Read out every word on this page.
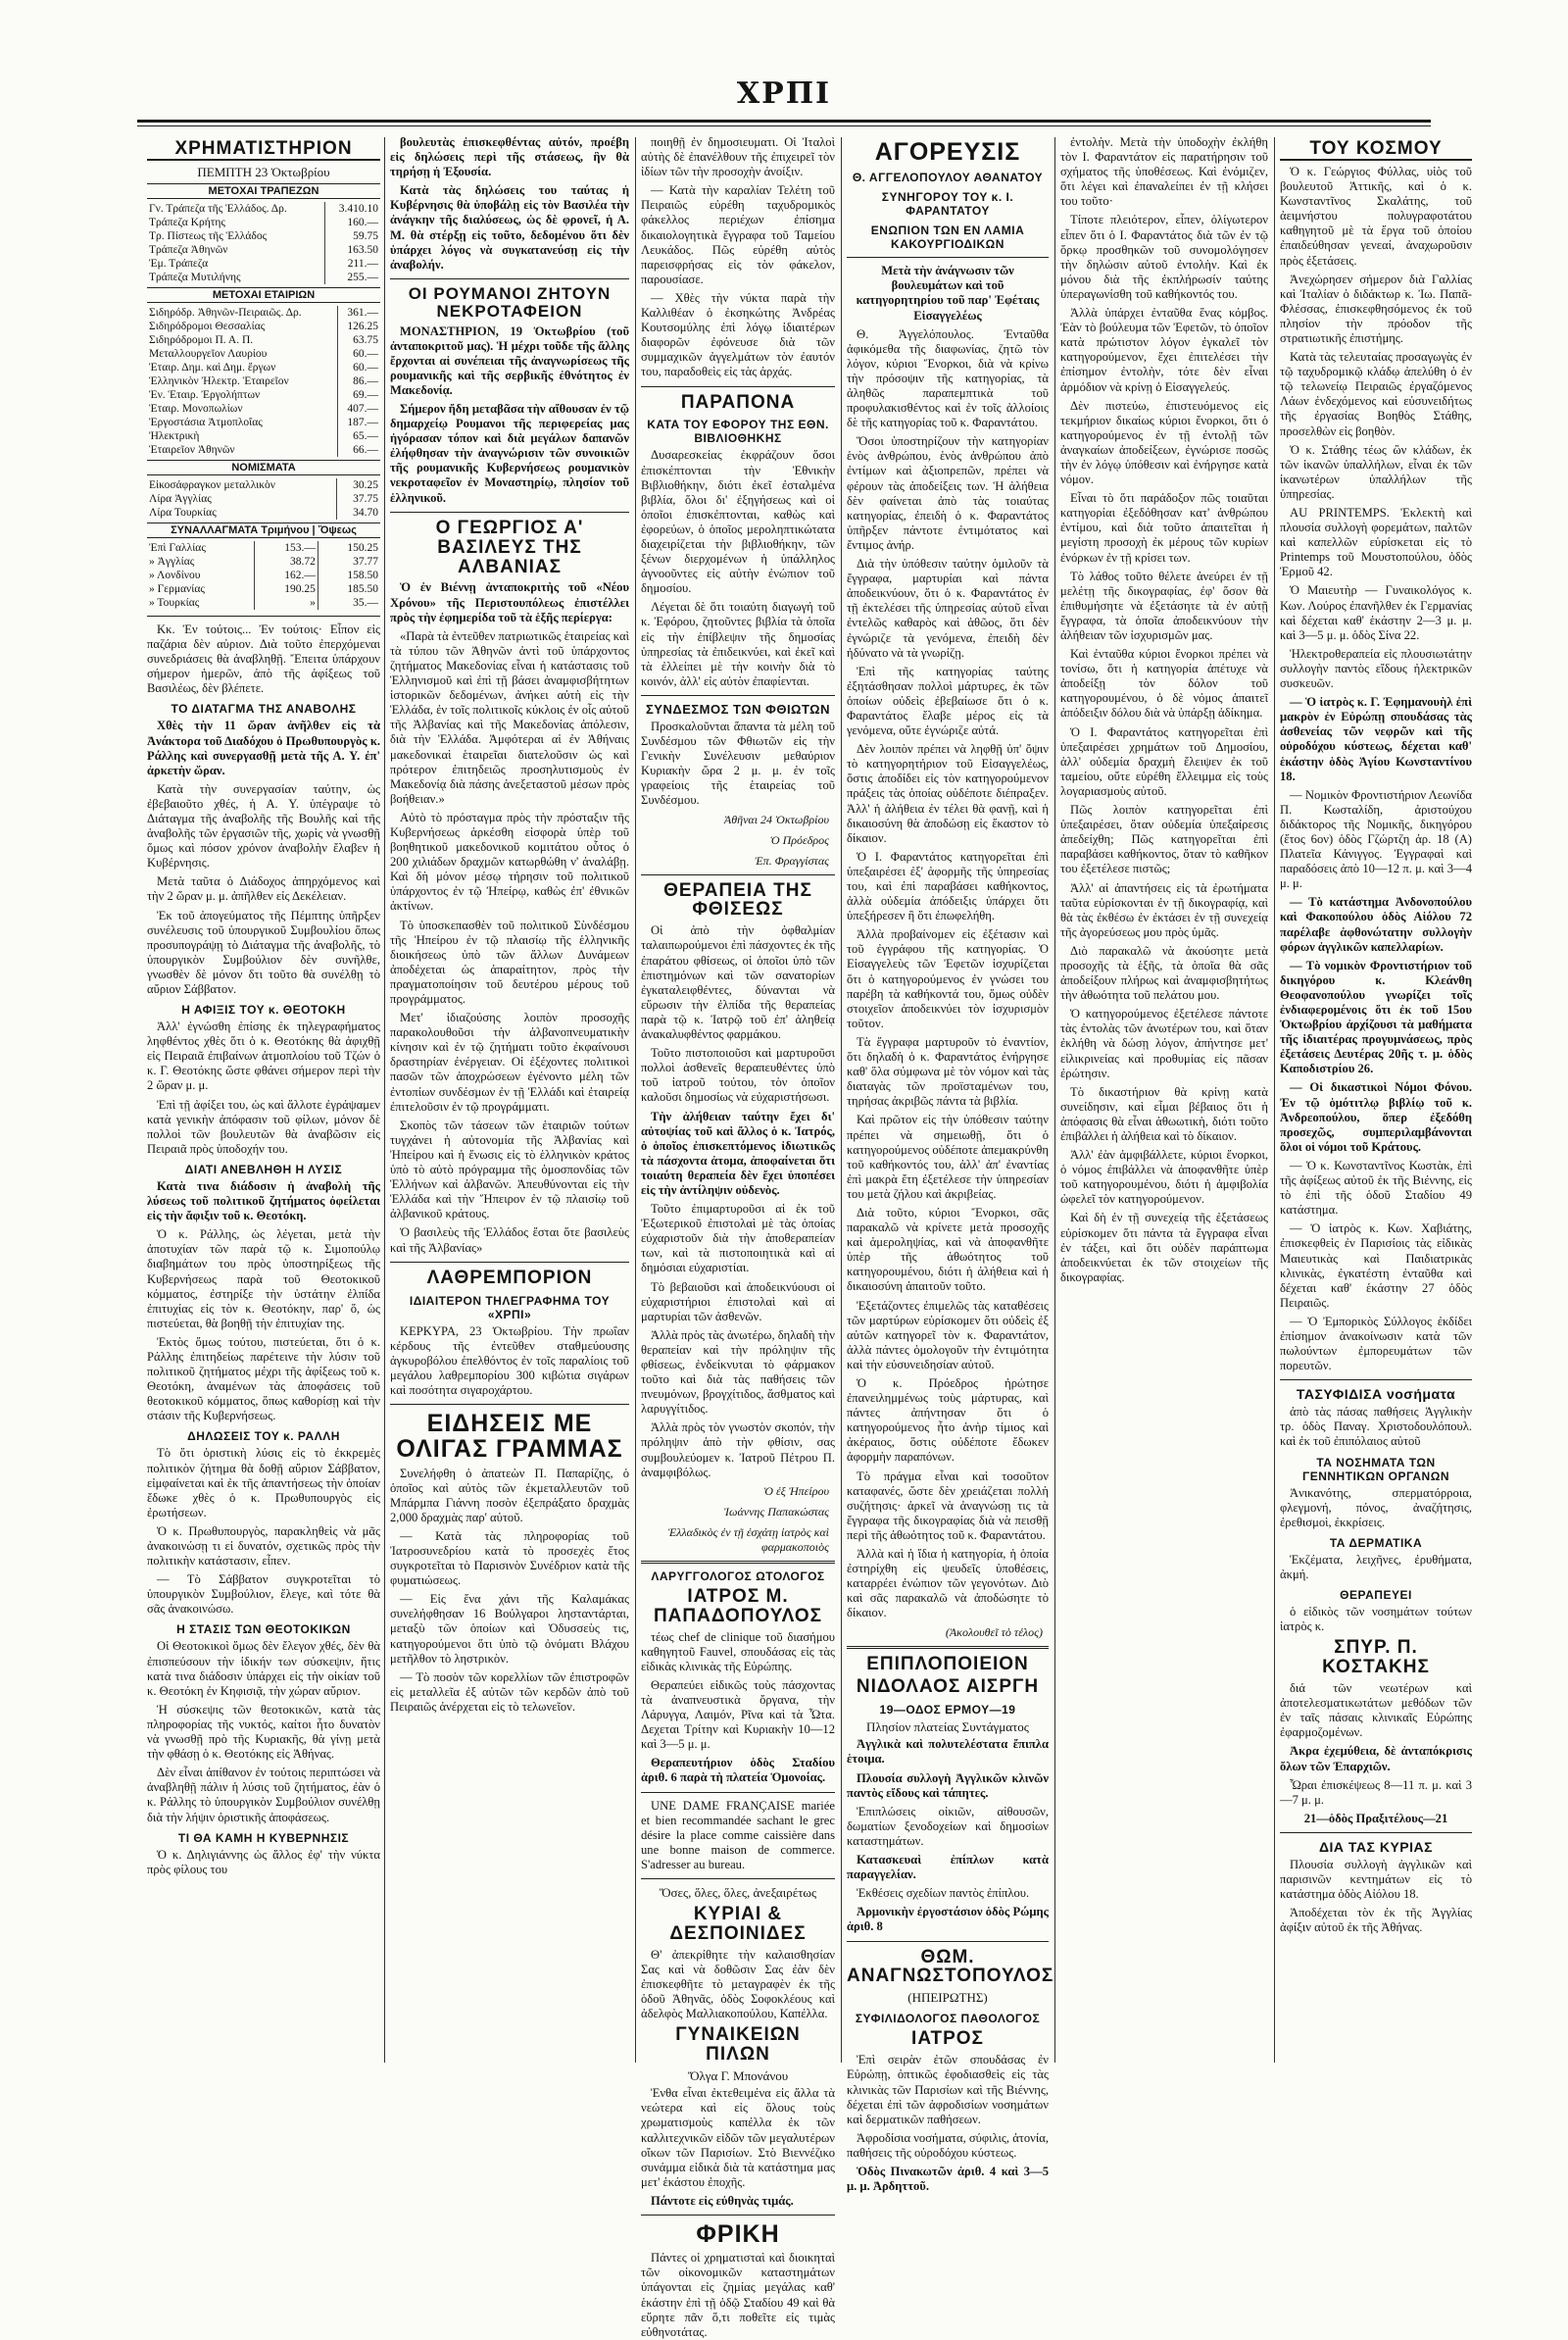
ΧΡΠΙ
ΧΡΗΜΑΤΙΣΤΗΡΙΟΝ
ΠΕΜΠΤΗ 23 Ὀκτωβρίου
ΜΕΤΟΧΑΙ ΤΡΑΠΕΖΩΝ
Γν. Τράπεζα τῆς Ἑλλάδος. Δρ.	3.410.10
Τράπεζα Κρήτης	160.—
Τρ. Πίστεως τῆς Ἑλλάδος	59.75
Τράπεζα Ἀθηνῶν	163.50
Ἐμ. Τράπεζα	211.—
Τράπεζα Μυτιλήνης	255.—
ΜΕΤΟΧΑΙ ΕΤΑΙΡΙΩΝ
Σιδηρόδρ. Ἀθηνῶν-Πειραιῶς. Δρ.	361.—
Σιδηρόδρομοι Θεσσαλίας	126.25
Σιδηρόδρομοι Π. Α. Π.	63.75
Μεταλλουργεῖον Λαυρίου	60.—
Ἑταιρ. Δημ. καὶ Δημ. ἔργων	60.—
Ἑλληνικὸν Ἠλεκτρ. Ἑταιρεῖον	86.—
Ἐν. Ἑταιρ. Ἐργολήπτων	69.—
Ἑταιρ. Μονοπωλίων	407.—
Ἐργοστάσια Ἀτμοπλοΐας	187.—
Ἠλεκτρικὴ	65.—
Ἑταιρεῖον Ἀθηνῶν	66.—
ΝΟΜΙΣΜΑΤΑ
Εἰκοσάφραγκον μεταλλικὸν	30.25
Λίρα Ἀγγλίας	37.75
Λίρα Τουρκίας	34.70
ΣΥΝΑΛΛΑΓΜΑΤΑ Τριμήνου | Ὄψεως
Ἐπὶ Γαλλίας	153.—	150.25
» Ἀγγλίας	38.72	37.77
» Λονδίνου	162.—	158.50
» Γερμανίας	190.25	185.50
» Τουρκίας	»	35.—

Κκ. Ἐν τούτοις... Ἐν τούτοις· Εἶπον εἰς παζάρια δὲν αὐριον. Διὰ τοῦτο ἐπερχόμεναι συνεδριάσεις θὰ ἀναβληθῇ. Ἔπειτα ὑπάρχουν σήμερον ἡμερῶν, ἀπὸ τῆς ἀφίξεως τοῦ Βασιλέως, δὲν βλέπετε.

ΤΟ ΔΙΑΤΑΓΜΑ ΤΗΣ ΑΝΑΒΟΛΗΣ

Χθὲς τὴν 11 ὥραν ἀνῆλθεν εἰς τὰ Ἀνάκτορα τοῦ Διαδόχου ὁ Πρωθυπουργὸς κ. Ράλλης καὶ συνεργασθῇ μετὰ τῆς Α. Υ. ἐπ' ἀρκετὴν ὥραν.

Κατὰ τὴν συνεργασίαν ταύτην, ὡς ἐβεβαιοῦτο χθές, ἡ Α. Υ. ὑπέγραψε τὸ Διάταγμα τῆς ἀναβολῆς τῆς Βουλῆς καὶ τῆς ἀναβολῆς τῶν ἐργασιῶν τῆς, χωρὶς νὰ γνωσθῇ ὅμως καὶ πόσον χρόνον ἀναβολὴν ἔλαβεν ἡ Κυβέρνησις.

Μετὰ ταῦτα ὁ Διάδοχος ἀπηρχόμενος καὶ τὴν 2 ὥραν μ. μ. ἀπῆλθεν εἰς Δεκέλειαν.

Ἐκ τοῦ ἀπογεύματος τῆς Πέμπτης ὑπῆρξεν συνέλευσις τοῦ ὑπουργικοῦ Συμβουλίου ὅπως προσυπογράψῃ τὸ Διάταγμα τῆς ἀναβολῆς, τὸ ὑπουργικὸν Συμβούλιον δὲν συνῆλθε, γνωσθὲν δὲ μόνον δτι τοῦτο θὰ συνέλθῃ τὸ αὔριον Σάββατον.

Η ΑΦΙΞΙΣ ΤΟΥ κ. ΘΕΟΤΟΚΗ

Ἀλλ' ἐγνώσθη ἐπίσης ἐκ τηλεγραφήματος ληφθέντος χθὲς ὅτι ὁ κ. Θεοτόκης θὰ ἀφιχθῇ εἰς Πειραιᾶ ἐπιβαίνων ἀτμοπλοίου τοῦ Τζών ὁ κ. Γ. Θεοτόκης ὥστε φθάνει σήμερον περὶ τὴν 2 ὥραν μ. μ.

Ἐπὶ τῇ ἀφίξει του, ὡς καὶ ἄλλοτε ἐγράψαμεν κατὰ γενικὴν ἀπόφασιν τοῦ φίλων, μόνον δὲ πολλοὶ τῶν βουλευτῶν θὰ ἀναβῶσιν εἰς Πειραιᾶ πρὸς ὑποδοχήν του.

ΔΙΑΤΙ ΑΝΕΒΛΗΘΗ Η ΛΥΣΙΣ

Κατὰ τινα διάδοσιν ἡ ἀναβολὴ τῆς λύσεως τοῦ πολιτικοῦ ζητήματος ὀφείλεται εἰς τὴν ἄφιξιν τοῦ κ. Θεοτόκη.

Ὁ κ. Ράλλης, ὡς λέγεται, μετὰ τὴν ἀποτυχίαν τῶν παρὰ τῷ κ. Σιμοπούλῳ διαβημάτων του πρὸς ὑποστηρίξεως τῆς Κυβερνήσεως παρὰ τοῦ Θεοτοκικοῦ κόμματος, ἐστηρίξε τὴν ὑστάτην ἐλπίδα ἐπιτυχίας εἰς τὸν κ. Θεοτόκην, παρ' ὅ, ὡς πιστεύεται, θὰ βοηθῇ τὴν ἐπιτυχίαν της.

Ἐκτὸς ὅμως τούτου, πιστεύεται, ὅτι ὁ κ. Ράλλης ἐπιτηδείως παρέτεινε τὴν λύσιν τοῦ πολιτικοῦ ζητήματος μέχρι τῆς ἀφίξεως τοῦ κ. Θεοτόκη, ἀναμένων τὰς ἀποφάσεις τοῦ θεοτοκικοῦ κόμματος, ὅπως καθορίσῃ καὶ τὴν στάσιν τῆς Κυβερνήσεως.

ΔΗΛΩΣΕΙΣ ΤΟΥ κ. ΡΑΛΛΗ

Τὸ ὅτι ὁριστικὴ λύσις εἰς τὸ ἐκκρεμὲς πολιτικὸν ζήτημα θὰ δοθῇ αὔριον Σάββατον, εἰμφαίνεται καὶ ἐκ τῆς ἀπαντήσεως τὴν ὁποίαν ἔδωκε χθὲς ὁ κ. Πρωθυπουργὸς εἰς ἐρωτήσεων.

Ὁ κ. Πρωθυπουργὸς, παρακληθεὶς νὰ μᾶς ἀνακοινώσῃ τι εἰ δυνατόν, σχετικῶς πρὸς τὴν πολιτικὴν κατάστασιν, εἶπεν.

— Τὸ Σάββατον συγκροτεῖται τὸ ὑπουργικὸν Συμβούλιον, ἔλεγε, καὶ τότε θὰ σᾶς ἀνακοινώσω.

Η ΣΤΑΣΙΣ ΤΩΝ ΘΕΟΤΟΚΙΚΩΝ

Οἱ Θεοτοκικοὶ ὅμως δὲν ἔλεγον χθές, δὲν θὰ ἐπισπεύσουν τὴν ἰδικήν των σύσκεψιν, ἥτις κατὰ τινα διάδοσιν ὑπάρχει εἰς τὴν οἰκίαν τοῦ κ. Θεοτόκη ἐν Κηφισιᾷ, τὴν χώραν αὔριον.

Ἡ σύσκεψις τῶν θεοτοκικῶν, κατὰ τὰς πληροφορίας τῆς νυκτός, καίτοι ἦτο δυνατὸν νὰ γνωσθῇ πρὸ τῆς Κυριακῆς, θὰ γίνῃ μετὰ τὴν φθάσῃ ὁ κ. Θεοτόκης εἰς Ἀθήνας.

Δὲν εἶναι ἀπίθανον ἐν τούτοις περιπτώσει νὰ ἀναβληθῇ πάλιν ἡ λύσις τοῦ ζητήματος, ἐὰν ὁ κ. Ράλλης τὸ ὑπουργικὸν Συμβούλιον συνέλθῃ διὰ τὴν λήψιν ὁριστικῆς ἀποφάσεως.

ΤΙ ΘΑ ΚΑΜΗ Η ΚΥΒΕΡΝΗΣΙΣ

Ὁ κ. Δηλιγιάννης ὡς ἄλλος ἐφ' τὴν νύκτα πρὸς φίλους του

βουλευτὰς ἐπισκεφθέντας αὐτόν, προέβη εἰς δηλώσεις περὶ τῆς στάσεως, ἣν θὰ τηρήσῃ ἡ Ἐξουσία.

Κατὰ τὰς δηλώσεις του ταύτας ἡ Κυβέρνησις θὰ ὑποβάλῃ εἰς τὸν Βασιλέα τὴν ἀνάγκην τῆς διαλύσεως, ὡς δὲ φρονεῖ, ἡ Α. Μ. θὰ στέρξῃ εἰς τοῦτο, δεδομένου ὅτι δὲν ὑπάρχει λόγος νὰ συγκατανεύσῃ εἰς τὴν ἀναβολήν.

ΟΙ ΡΟΥΜΑΝΟΙ ΖΗΤΟΥΝ ΝΕΚΡΟΤΑΦΕΙΟΝ

ΜΟΝΑΣΤΗΡΙΟΝ, 19 Ὀκτωβρίου (τοῦ ἀνταποκριτοῦ μας). Ἡ μέχρι τοῦδε τῆς ἄλλης ἔρχονται αἱ συνέπειαι τῆς ἀναγνωρίσεως τῆς ρουμανικῆς καὶ τῆς σερβικῆς ἐθνότητος ἐν Μακεδονίᾳ.

Σήμερον ἤδη μεταβᾶσα τὴν αἴθουσαν ἐν τῷ δημαρχείῳ Ρουμανοι τῆς περιφερείας μας ἠγόρασαν τόπον καὶ διὰ μεγάλων δαπανῶν ἐλήφθησαν τὴν ἀναγνώρισιν τῶν συνοικιῶν τῆς ρουμανικῆς Κυβερνήσεως ρουμανικὸν νεκροταφεῖον ἐν Μοναστηρίῳ, πλησίον τοῦ ἑλληνικοῦ.

Ο ΓΕΩΡΓΙΟΣ Α' ΒΑΣΙΛΕΥΣ ΤΗΣ ΑΛΒΑΝΙΑΣ

Ὁ ἐν Βιέννῃ ἀνταποκριτὴς τοῦ «Νέου Χρόνου» τῆς Περιστουπόλεως ἐπιστέλλει πρὸς τὴν ἐφημερίδα τοῦ τὰ ἑξῆς περίεργα:

«Παρὰ τὰ ἐντεῦθεν πατριωτικῶς ἑταιρείας καὶ τὰ τύπου τῶν Ἀθηνῶν ἀντὶ τοῦ ὑπάρχοντος ζητήματος Μακεδονίας εἶναι ἡ κατάστασις τοῦ Ἑλληνισμοῦ καὶ ἐπὶ τῇ βάσει ἀναμφισβήτητων ἱστορικῶν δεδομένων, ἀνήκει αὐτὴ εἰς τὴν Ἑλλάδα, ἐν τοῖς πολιτικοῖς κύκλοις ἐν οἷς αὐτοῦ τῆς Ἀλβανίας καὶ τῆς Μακεδονίας ἀπόλεσιν, διὰ τὴν Ἑλλάδα. Ἀμφότεραι αἱ ἐν Ἀθήναις μακεδονικαὶ ἑταιρεῖαι διατελοῦσιν ὡς καὶ πρότερον ἐπιτηδειῶς προσηλυτισμοὺς ἐν Μακεδονίᾳ διὰ πάσης ἀνεξεταστοῦ μέσων πρὸς βοήθειαν.»

Αὐτὸ τὸ πρόσταγμα πρὸς τὴν πρόσταξιν τῆς Κυβερνήσεως ἀρκέσθη εἰσφορὰ ὑπὲρ τοῦ βοηθητικοῦ μακεδονικοῦ κομιτάτου οὗτος ὁ 200 χιλιάδων δραχμῶν κατωρθώθη ν' ἀναλάβῃ. Καὶ δὴ μόνον μέσῳ τήρησιν τοῦ πολιτικοῦ ὑπάρχοντος ἐν τῷ Ἠπείρῳ, καθὼς ἐπ' ἐθνικῶν ἀκτίνων.

Τὸ ὑποσκεπασθὲν τοῦ πολιτικοῦ Σὺνδέσμου τῆς Ἠπείρου ἐν τῷ πλαισίῳ τῆς ἑλληνικῆς διοικήσεως ὑπὸ τῶν ἄλλων Δυνάμεων ἀποδέχεται ὡς ἀπαραίτητον, πρὸς τὴν πραγματοποίησιν τοῦ δευτέρου μέρους τοῦ προγράμματος.

Μετ' ἰδιαζούσης λοιπὸν προσοχῆς παρακολουθοῦσι τὴν ἀλβανοπνευματικὴν κίνησιν καὶ ἐν τῷ ζητήματι τοῦτο ἐκφαίνουσι δραστηρίαν ἐνέργειαν. Οἱ ἐξέχοντες πολιτικοὶ πασῶν τῶν ἀποχρώσεων ἐγένοντο μέλη τῶν ἐντοπίων συνδέσμων ἐν τῇ Ἑλλάδι καὶ ἐταιρείᾳ ἐπιτελοῦσιν ἐν τῷ προγράμματι.

Σκοπὸς τῶν τάσεων τῶν ἑταιριῶν τούτων τυγχάνει ἡ αὐτονομία τῆς Ἀλβανίας καὶ Ἠπείρου καὶ ἡ ἕνωσις εἰς τὸ ἑλληνικὸν κράτος ὑπὸ τὸ αὐτὸ πρόγραμμα τῆς ὁμοσπονδίας τῶν Ἑλλήνων καὶ ἀλβανῶν. Ἀπευθύνονται εἰς τὴν Ἑλλάδα καὶ τὴν Ἤπειρον ἐν τῷ πλαισίῳ τοῦ ἀλβανικοῦ κράτους.

Ὁ βασιλεὺς τῆς Ἑλλάδος ἔσται ὅτε βασιλεὺς καὶ τῆς Ἀλβανίας»

ΛΑΘΡΕΜΠΟΡΙΟΝ
ΙΔΙΑΙΤΕΡΟΝ ΤΗΛΕΓΡΑΦΗΜΑ ΤΟΥ «ΧΡΠΙ»

ΚΕΡΚΥΡΑ, 23 Ὀκτωβρίου. Τὴν πρωΐαν κέρδους τῆς ἐντεῦθεν σταθμεύουσης ἀγκυροβόλου ἐπελθόντος ἐν τοῖς παραλίοις τοῦ μεγάλου λαθρεμπορίου 300 κιβώτια σιγάρων καὶ ποσότητα σιγαροχάρτου.

ΕΙΔΗΣΕΙΣ ΜΕ ΟΛΙΓΑΣ ΓΡΑΜΜΑΣ

Συνελήφθη ὁ ἀπατεὼν Π. Παπαρίζης, ὁ ὁποῖος καὶ αὐτὸς τῶν ἐκμεταλλευτῶν τοῦ Μπάρμπα Γιάννη ποσὸν ἐξεπράξατο δραχμὰς 2,000 δραχμὰς παρ' αὐτοῦ.

— Κατὰ τὰς πληροφορίας τοῦ Ἰατροσυνεδρίου κατὰ τὸ προσεχὲς ἔτος συγκροτεῖται τὸ Παρισινὸν Συνέδριον κατὰ τῆς φυματιώσεως.

— Εἰς ἕνα χάνι τῆς Καλαμάκας συνελήφθησαν 16 Βούλγαροι λησταντάρται, μεταξὺ τῶν ὁποίων καὶ Ὀδυσσεὺς τις, κατηγορούμενοι ὅτι ὑπὸ τῷ ὀνόματι Βλάχου μετῆλθον τὸ ληστρικὸν.

— Τὸ ποσὸν τῶν κορελλίων τῶν ἐπιστροφῶν εἰς μεταλλεῖα ἐξ αὐτῶν τῶν κερδῶν ἀπὸ τοῦ Πειραιῶς ἀνέρχεται εἰς τὸ τελωνεῖον.

ποιηθῇ ἐν δημοσιευματι. Οἱ Ἰταλοὶ αὐτὴς δὲ ἐπανέλθουν τῆς ἐπιχειρεῖ τὸν ἰδίων τῶν τὴν προσοχὴν ἀνοίξιν.

— Κατὰ τὴν καραλίαν Τελέτη τοῦ Πειραιῶς εὑρέθη ταχυδρομικὸς φάκελλος περιέχων ἐπίσημα δικαιολογητικὰ ἔγγραφα τοῦ Ταμείου Λευκάδος. Πῶς εὑρέθη αὐτὸς παρεισφρήσας εἰς τὸν φάκελον, παρουσίασε.

— Χθὲς τὴν νύκτα παρὰ τὴν Καλλιθέαν ὁ ἐκσηκώτης Ἀνδρέας Κουτσομύλης ἐπὶ λόγῳ ἰδιαιτέρων διαφορῶν ἐφόνευσε διὰ τῶν συμμαχικῶν ἀγγελμάτων τὸν ἐαυτόν του, παραδοθεὶς εἰς τὰς ἀρχάς.

ΠΑΡΑΠΟΝΑ
ΚΑΤΑ ΤΟΥ ΕΦΟΡΟΥ ΤΗΣ ΕΘΝ. ΒΙΒΛΙΟΘΗΚΗΣ

Δυσαρεσκείας ἐκφράζουν ὅσοι ἐπισκέπτονται τὴν Ἐθνικὴν Βιβλιοθήκην, διότι ἐκεῖ ἐσταλμένα βιβλία, ὅλοι δι' ἐξηγήσεως καὶ οἱ ὁποῖοι ἐπισκέπτονται, καθὼς καὶ ἐφορεύων, ὁ ὁποῖος μεροληπτικώτατα διαχειρίζεται τὴν βιβλιοθήκην, τῶν ξένων διερχομένων ἡ ὑπάλληλος ἀγνοοῦντες εἰς αὐτὴν ἐνώπιον τοῦ δημοσίου.

Λέγεται δὲ ὅτι τοιαύτη διαγωγή τοῦ κ. Ἐφόρου, ζητοῦντες βιβλία τὰ ὁποῖα εἰς τὴν ἐπίβλεψιν τῆς δημοσίας ὑπηρεσίας τὰ ἐπιδεικνύει, καὶ ἐκεῖ καὶ τὰ ἐλλείπει μὲ τὴν κοινὴν διὰ τὸ κοινόν, ἀλλ' εἰς αὐτὸν ἐπαφίενται.

ΣΥΝΔΕΣΜΟΣ ΤΩΝ ΦΘΙΩΤΩΝ

Προσκαλοῦνται ἅπαντα τὰ μέλη τοῦ Συνδέσμου τῶν Φθιωτῶν εἰς τὴν Γενικὴν Συνέλευσιν μεθαύριον Κυριακὴν ὥρα 2 μ. μ. ἐν τοῖς γραφείοις τῆς ἑταιρείας τοῦ Συνδέσμου.

Ἀθῆναι 24 Ὀκτωβρίου
Ὁ Πρόεδρος
Ἐπ. Φραγγίστας
ΘΕΡΑΠΕΙΑ ΤΗΣ ΦΘΙΣΕΩΣ

Οἱ ἀπὸ τὴν ὀφθαλμίαν ταλαιπωρούμενοι ἐπὶ πάσχοντες ἐκ τῆς ἐπαράτου φθίσεως, οἱ ὁποῖοι ὑπὸ τῶν ἐπιστημόνων καὶ τῶν σανατορίων ἐγκαταλειφθέντες, δύνανται νὰ εὕρωσιν τὴν ἐλπίδα τῆς θεραπείας παρὰ τῷ κ. Ἰατρῷ τοῦ ἐπ' ἀληθείᾳ ἀνακαλυφθέντος φαρμάκου.

Τοῦτο πιστοποιοῦσι καὶ μαρτυροῦσι πολλοὶ ἀσθενεῖς θεραπευθέντες ὑπὸ τοῦ ἰατροῦ τούτου, τὸν ὁποῖον καλοῦσι δημοσίως νὰ εὐχαριστήσωσι.

Τὴν ἀλήθειαν ταύτην ἔχει δι' αὐτοψίας τοῦ καὶ ἄλλος ὁ κ. Ἰατρός, ὁ ὁποῖος ἐπισκεπτόμενος ἰδιωτικῶς τὰ πάσχοντα ἀτομα, ἀποφαίνεται ὅτι τοιαύτη θεραπεία δὲν ἔχει ὑποπέσει εἰς τὴν ἀντίληψιν οὐδενὸς.

Τοῦτο ἐπιμαρτυροῦσι αἱ ἐκ τοῦ Ἐξωτερικοῦ ἐπιστολαὶ μὲ τὰς ὁποίας εὐχαριστοῦν διὰ τὴν ἀποθεραπείαν των, καὶ τὰ πιστοποιητικὰ καὶ αἱ δημόσιαι εὐχαριστίαι.

Τὸ βεβαιοῦσι καὶ ἀποδεικνύουσι οἱ εὐχαριστήριοι ἐπιστολαὶ καὶ αἱ μαρτυρίαι τῶν ἀσθενῶν.

Ἀλλὰ πρὸς τὰς ἀνωτέρω, δηλαδὴ τὴν θεραπείαν καὶ τὴν πρόληψιν τῆς φθίσεως, ἐνδείκνυται τὸ φάρμακον τοῦτο καὶ διὰ τὰς παθήσεις τῶν πνευμόνων, βρογχίτιδος, ἄσθματος καὶ λαρυγγίτιδος.

Ἀλλὰ πρὸς τὸν γνωστὸν σκοπόν, τὴν πρόληψιν ἀπὸ τὴν φθίσιν, σας συμβουλεύομεν κ. Ἰατροῦ Πέτρου Π. ἀναμφιβόλως.

Ὁ ἐξ Ἠπείρου
Ἰωάννης Παπακώστας
Ἑλλαδικὸς ἐν τῇ ἐσχάτῃ ἰατρὸς καὶ φαρμακοποιὸς
ΛΑΡΥΓΓΟΛΟΓΟΣ ΩΤΟΛΟΓΟΣ
ΙΑΤΡΟΣ Μ. ΠΑΠΑΔΟΠΟΥΛΟΣ

τέως chef de clinique τοῦ διασήμου καθηγητοῦ Fauvel, σπουδάσας εἰς τὰς εἰδικὰς κλινικὰς τῆς Εὐρώπης.

Θεραπεύει εἰδικῶς τοὺς πάσχοντας τὰ ἀναπνευστικὰ ὄργανα, τὴν Λάρυγγα, Λαιμόν, Ρῖνα καὶ τὰ Ὦτα. Δεχεται Τρίτην καὶ Κυριακὴν 10—12 καὶ 3—5 μ. μ.

Θεραπευτήριον ὁδὸς Σταδίου ἀριθ. 6 παρὰ τὴ πλατεία Ὁμονοίας.

UNE DAME FRANÇAISE mariée et bien recommandée sachant le grec désire la place comme caissière dans une bonne maison de commerce. S'adresser au bureau.

Ὅσες, ὅλες, ὅλες, ἀνεξαιρέτως
ΚΥΡΙΑΙ & ΔΕΣΠΟΙΝΙΔΕΣ

Θ' ἀπεκρίθητε τὴν καλαισθησίαν Σας καὶ νὰ δοθῶσιν Σας ἐὰν δὲν ἐπισκεφθῆτε τὸ μεταγραφὲν ἐκ τῆς ὁδοῦ Ἀθηνᾶς, ὁδὸς Σοφοκλέους καὶ ἀδελφὸς Μαλλιακοπούλου, Καπέλλα.

ΓΥΝΑΙΚΕΙΩΝ ΠΙΛΩΝ
Ὄλγα Γ. Μπονάνου

Ἐνθα εἶναι ἐκτεθειμένα εἰς ἄλλα τὰ νεώτερα καὶ εἰς ὅλους τοὺς χρωματισμοὺς καπέλλα ἐκ τῶν καλλιτεχνικῶν εἰδῶν τῶν μεγαλυτέρων οἴκων τῶν Παρισίων. Στὸ Βιεννέζικο συνάμμα εἰδικὰ διὰ τὰ κατάστημα μας μετ' ἑκάστου ἐποχῆς.

Πάντοτε εἰς εὐθηνὰς τιμάς.

ΦΡΙΚΗ

Πάντες οἱ χρηματισταὶ καὶ διοικηταὶ τῶν οἰκονομικῶν καταστημάτων ὑπάγονται εἰς ζημίας μεγάλας καθ' ἑκάστην ἐπὶ τῇ ὁδῷ Σταδίου 49 καὶ θὰ εὕρητε πᾶν ὅ,τι ποθεῖτε εἰς τιμὰς εὐθηνοτάτας.

ΑΓΟΡΕΥΣΙΣ
Θ. ΑΓΓΕΛΟΠΟΥΛΟΥ ΑΘΑΝΑΤΟΥ
ΣΥΝΗΓΟΡΟΥ ΤΟΥ κ. Ι. ΦΑΡΑΝΤΑΤΟΥ
ΕΝΩΠΙΟΝ ΤΩΝ ΕΝ ΛΑΜΙΑ ΚΑΚΟΥΡΓΙΟΔΙΚΩΝ

Μετὰ τὴν ἀνάγνωσιν τῶν βουλευμάτων καὶ τοῦ κατηγορητηρίου τοῦ παρ' Ἐφέταις Εἰσαγγελέως

Θ. Ἀγγελόπουλος. Ἐνταῦθα ἀφικόμεθα τῆς διαφωνίας, ζητῶ τὸν λόγον, κύριοι Ἔνορκοι, διὰ νὰ κρίνω τὴν πρόσοψιν τῆς κατηγορίας, τὰ ἀληθῶς παραπεμπτικὰ τοῦ προφυλακισθέντος καὶ ἐν τοῖς ἀλλοίοις δὲ τῆς κατηγορίας τοῦ κ. Φαραντάτου.

Ὅσοι ὑποστηρίζουν τὴν κατηγορίαν ἑνὸς ἀνθρώπου, ἑνὸς ἀνθρώπου ἀπὸ ἐντίμων καὶ ἀξιοπρεπῶν, πρέπει νὰ φέρουν τὰς ἀποδείξεις των. Ἡ ἀλήθεια δὲν φαίνεται ἀπὸ τὰς τοιαύτας κατηγορίας, ἐπειδὴ ὁ κ. Φαραντάτος ὑπῆρξεν πάντοτε ἐντιμότατος καὶ ἔντιμος ἀνήρ.

Διὰ τὴν ὑπόθεσιν ταύτην ὁμιλοῦν τὰ ἔγγραφα, μαρτυρίαι καὶ πάντα ἀποδεικνύουν, ὅτι ὁ κ. Φαραντάτος ἐν τῇ ἐκτελέσει τῆς ὑπηρεσίας αὐτοῦ εἶναι ἐντελῶς καθαρὸς καὶ ἀθῶος, ὅτι δὲν ἐγνώριζε τὰ γενόμενα, ἐπειδὴ δὲν ἠδύνατο νὰ τὰ γνωρίζῃ.

Ἐπὶ τῆς κατηγορίας ταύτης ἐξητάσθησαν πολλοὶ μάρτυρες, ἐκ τῶν ὁποίων οὐδεὶς ἐβεβαίωσε ὅτι ὁ κ. Φαραντάτος ἔλαβε μέρος εἰς τὰ γενόμενα, οὔτε ἐγνώριζε αὐτά.

Δὲν λοιπὸν πρέπει νὰ ληφθῇ ὑπ' ὄψιν τὸ κατηγορητήριον τοῦ Εἰσαγγελέως, ὅστις ἀποδίδει εἰς τὸν κατηγορούμενον πράξεις τὰς ὁποίας οὐδέποτε διέπραξεν. Ἀλλ' ἡ ἀλήθεια ἐν τέλει θὰ φανῇ, καὶ ἡ δικαιοσύνη θὰ ἀποδώσῃ εἰς ἕκαστον τὸ δίκαιον.

Ὁ Ι. Φαραντάτος κατηγορεῖται ἐπὶ ὑπεξαιρέσει ἐξ' ἀφορμῆς τῆς ὑπηρεσίας του, καὶ ἐπὶ παραβάσει καθήκοντος, ἀλλὰ οὐδεμία ἀπόδειξις ὑπάρχει ὅτι ὑπεξήρεσεν ἢ ὅτι ἐπωφελήθη.

Ἀλλὰ προβαίνομεν εἰς ἐξέτασιν καὶ τοῦ ἐγγράφου τῆς κατηγορίας. Ὁ Εἰσαγγελεὺς τῶν Ἐφετῶν ἰσχυρίζεται ὅτι ὁ κατηγορούμενος ἐν γνώσει του παρέβη τὰ καθήκοντά του, ὅμως οὐδὲν στοιχεῖον ἀποδεικνύει τὸν ἰσχυρισμὸν τοῦτον.

Τὰ ἔγγραφα μαρτυροῦν τὸ ἐναντίον, ὅτι δηλαδὴ ὁ κ. Φαραντάτος ἐνήργησε καθ' ὅλα σύμφωνα μὲ τὸν νόμον καὶ τὰς διαταγὰς τῶν προϊσταμένων του, τηρήσας ἀκριβῶς πάντα τὰ βιβλία.

Καὶ πρῶτον εἰς τὴν ὑπόθεσιν ταύτην πρέπει νὰ σημειωθῇ, ὅτι ὁ κατηγορούμενος οὐδέποτε ἀπεμακρύνθη τοῦ καθήκοντός του, ἀλλ' ἀπ' ἐναντίας ἐπὶ μακρὰ ἔτη ἐξετέλεσε τὴν ὑπηρεσίαν του μετὰ ζήλου καὶ ἀκριβείας.

Διὰ τοῦτο, κύριοι Ἔνορκοι, σᾶς παρακαλῶ νὰ κρίνετε μετὰ προσοχῆς καὶ ἀμεροληψίας, καὶ νὰ ἀποφανθῆτε ὑπὲρ τῆς ἀθωότητος τοῦ κατηγορουμένου, διότι ἡ ἀλήθεια καὶ ἡ δικαιοσύνη ἀπαιτοῦν τοῦτο.

Ἐξετάζοντες ἐπιμελῶς τὰς καταθέσεις τῶν μαρτύρων εὑρίσκομεν ὅτι οὐδεὶς ἐξ αὐτῶν κατηγορεῖ τὸν κ. Φαραντάτον, ἀλλὰ πάντες ὁμολογοῦν τὴν ἐντιμότητα καὶ τὴν εὐσυνειδησίαν αὐτοῦ.

Ὁ κ. Πρόεδρος ἠρώτησε ἐπανειλημμένως τοὺς μάρτυρας, καὶ πάντες ἀπήντησαν ὅτι ὁ κατηγορούμενος ἦτο ἀνὴρ τίμιος καὶ ἀκέραιος, ὅστις οὐδέποτε ἔδωκεν ἀφορμὴν παραπόνων.

Τὸ πράγμα εἶναι καὶ τοσοῦτον καταφανές, ὥστε δὲν χρειάζεται πολλὴ συζήτησις· ἀρκεῖ νὰ ἀναγνώσῃ τις τὰ ἔγγραφα τῆς δικογραφίας διὰ νὰ πεισθῇ περὶ τῆς ἀθωότητος τοῦ κ. Φαραντάτου.

Ἀλλὰ καὶ ἡ ἴδια ἡ κατηγορία, ἡ ὁποία ἐστηρίχθη εἰς ψευδεῖς ὑποθέσεις, καταρρέει ἐνώπιον τῶν γεγονότων. Διὸ καὶ σᾶς παρακαλῶ νὰ ἀποδώσητε τὸ δίκαιον.

(Ἀκολουθεῖ τὸ τέλος)
ΕΠΙΠΛΟΠΟΙΕΙΟΝ
ΝΙΔΟΛΑΟΣ ΑΙΣΡΓΗ
19—ΟΔΟΣ ΕΡΜΟΥ—19
Πλησίον πλατείας Συντάγματος

Ἀγγλικὰ καὶ πολυτελέστατα ἔπιπλα ἑτοιμα.

Πλουσία συλλογὴ Ἀγγλικῶν κλινῶν παντὸς εἴδους καὶ τάπητες.

Ἐπιπλώσεις οἰκιῶν, αἰθουσῶν, δωματίων ξενοδοχείων καὶ δημοσίων καταστημάτων.

Κατασκευαὶ ἐπίπλων κατὰ παραγγελίαν.

Ἐκθέσεις σχεδίων παντὸς ἐπίπλου.

Ἀρμονικὴν ἐργοστάσιον ὁδὸς Ρώμης ἀριθ. 8

ΘΩΜ. ΑΝΑΓΝΩΣΤΟΠΟΥΛΟΣ
(ΗΠΕΙΡΩΤΗΣ)
ΣΥΦΙΛΙΔΟΛΟΓΟΣ ΠΑΘΟΛΟΓΟΣ
ΙΑΤΡΟΣ

Ἐπὶ σειρὰν ἐτῶν σπουδάσας ἐν Εὐρώπῃ, ὀπτικῶς ἐφοδιασθεὶς εἰς τὰς κλινικὰς τῶν Παρισίων καὶ τῆς Βιέννης, δέχεται ἐπὶ τῶν ἀφροδισίων νοσημάτων καὶ δερματικῶν παθήσεων.

Ἀφροδίσια νοσήματα, σύφιλις, ἀτονία, παθήσεις τῆς οὐροδόχου κύστεως.

Ὁδὸς Πινακωτῶν ἀριθ. 4 καὶ 3—5 μ. μ. Ἀρδηττοῦ.

ἐντολὴν. Μετὰ τὴν ὑποδοχὴν ἐκλήθη τὸν Ι. Φαραντάτον εἰς παρατήρησιν τοῦ σχήματος τῆς ὑποθέσεως. Καὶ ἐνόμιζεν, ὅτι λέγει καὶ ἐπαναλείπει ἐν τῇ κλήσει του τοῦτο·

Τίποτε πλειότερον, εἶπεν, ὀλίγωτερον εἶπεν ὅτι ὁ Ι. Φαραντάτος διὰ τῶν ἐν τῷ ὅρκῳ προσθηκῶν τοῦ συνομολόγησεν τὴν δηλώσιν αὐτοῦ ἐντολὴν. Καὶ ἐκ μόνου διὰ τῆς ἐκπλήρωσίν ταύτης ὑπεραγωνίσθη τοῦ καθήκοντός του.

Ἀλλὰ ὑπάρχει ἐνταῦθα ἕνας κόμβος. Ἐὰν τὸ βούλευμα τῶν Ἐφετῶν, τὸ ὁποῖον κατὰ πρώτιστον λόγον ἐγκαλεῖ τὸν κατηγορούμενον, ἔχει ἐπιτελέσει τὴν ἐπίσημον ἐντολὴν, τότε δὲν εἶναι ἀρμόδιον νὰ κρίνῃ ὁ Εἰσαγγελεύς.

Δὲν πιστεύω, ἐπιστευόμενος εἰς τεκμήριον δικαίως κύριοι ἔνορκοι, ὅτι ὁ κατηγορούμενος ἐν τῇ ἐντολῇ τῶν ἀναγκαίων ἀποδείξεων, ἐγνώρισε ποσῶς τὴν ἐν λόγῳ ὑπόθεσιν καὶ ἐνήργησε κατὰ νόμον.

Εἶναι τὸ ὅτι παράδοξον πῶς τοιαῦται κατηγορίαι ἐξεδόθησαν κατ' ἀνθρώπου ἐντίμου, καὶ διὰ τοῦτο ἀπαιτεῖται ἡ μεγίστη προσοχὴ ἐκ μέρους τῶν κυρίων ἐνόρκων ἐν τῇ κρίσει των.

Τὸ λάθος τοῦτο θέλετε ἀνεύρει ἐν τῇ μελέτῃ τῆς δικογραφίας, ἐφ' ὅσον θὰ ἐπιθυμήσητε νὰ ἐξετάσητε τὰ ἐν αὐτῇ ἔγγραφα, τὰ ὁποῖα ἀποδεικνύουν τὴν ἀλήθειαν τῶν ἰσχυρισμῶν μας.

Καὶ ἐνταῦθα κύριοι ἔνορκοι πρέπει νὰ τονίσω, ὅτι ἡ κατηγορία ἀπέτυχε νὰ ἀποδείξῃ τὸν δόλον τοῦ κατηγορουμένου, ὁ δὲ νόμος ἀπαιτεῖ ἀπόδειξιν δόλου διὰ νὰ ὑπάρξῃ ἀδίκημα.

Ὁ Ι. Φαραντάτος κατηγορεῖται ἐπὶ ὑπεξαιρέσει χρημάτων τοῦ Δημοσίου, ἀλλ' οὐδεμία δραχμὴ ἔλειψεν ἐκ τοῦ ταμείου, οὔτε εὑρέθη ἔλλειμμα εἰς τοὺς λογαριασμοὺς αὐτοῦ.

Πῶς λοιπὸν κατηγορεῖται ἐπὶ ὑπεξαιρέσει, ὅταν οὐδεμία ὑπεξαίρεσις ἀπεδείχθη; Πῶς κατηγορεῖται ἐπὶ παραβάσει καθήκοντος, ὅταν τὸ καθῆκον του ἐξετέλεσε πιστῶς;

Ἀλλ' αἱ ἀπαντήσεις εἰς τὰ ἐρωτήματα ταῦτα εὑρίσκονται ἐν τῇ δικογραφίᾳ, καὶ θὰ τὰς ἐκθέσω ἐν ἐκτάσει ἐν τῇ συνεχείᾳ τῆς ἀγορεύσεως μου πρὸς ὑμᾶς.

Διὸ παρακαλῶ νὰ ἀκούσητε μετὰ προσοχῆς τὰ ἑξῆς, τὰ ὁποῖα θὰ σᾶς ἀποδείξουν πλήρως καὶ ἀναμφισβητήτως τὴν ἀθωότητα τοῦ πελάτου μου.

Ὁ κατηγορούμενος ἐξετέλεσε πάντοτε τὰς ἐντολὰς τῶν ἀνωτέρων του, καὶ ὅταν ἐκλήθη νὰ δώσῃ λόγον, ἀπήντησε μετ' εἰλικρινείας καὶ προθυμίας εἰς πᾶσαν ἐρώτησιν.

Τὸ δικαστήριον θὰ κρίνῃ κατὰ συνείδησιν, καὶ εἶμαι βέβαιος ὅτι ἡ ἀπόφασις θὰ εἶναι ἀθωωτικὴ, διότι τοῦτο ἐπιβάλλει ἡ ἀλήθεια καὶ τὸ δίκαιον.

Ἀλλ' ἐὰν ἀμφιβάλλετε, κύριοι ἔνορκοι, ὁ νόμος ἐπιβάλλει νὰ ἀποφανθῆτε ὑπὲρ τοῦ κατηγορουμένου, διότι ἡ ἀμφιβολία ὠφελεῖ τὸν κατηγορούμενον.

Καὶ δὴ ἐν τῇ συνεχείᾳ τῆς ἐξετάσεως εὑρίσκομεν ὅτι πάντα τὰ ἔγγραφα εἶναι ἐν τάξει, καὶ ὅτι οὐδὲν παράπτωμα ἀποδεικνύεται ἐκ τῶν στοιχείων τῆς δικογραφίας.

ΤΟΥ ΚΟΣΜΟΥ

Ὁ κ. Γεώργιος Φύλλας, υἱὸς τοῦ βουλευτοῦ Ἀττικῆς, καὶ ὁ κ. Κωνσταντῖνος Σκαλάτης, τοῦ ἀειμνήστου πολυγραφοτάτου καθηγητοῦ μὲ τὰ ἔργα τοῦ ὁποίου ἐπαιδεύθησαν γενεαί, ἀναχωροῦσιν πρὸς ἐξετάσεις.

Ἀνεχώρησεν σήμερον διὰ Γαλλίας καὶ Ἰταλίαν ὁ διδάκτωρ κ. Ἰω. Παπᾶ-Φλέσσας, ἐπισκεφθησόμενος ἐκ τοῦ πλησίον τὴν πρόοδον τῆς στρατιωτικῆς ἐπιστήμης.

Κατὰ τὰς τελευταίας προσαγωγὰς ἐν τῷ ταχυδρομικῷ κλάδῳ ἀπελύθη ὁ ἐν τῷ τελωνείῳ Πειραιῶς ἐργαζόμενος Λάων ἐνδεχόμενος καὶ εὐσυνειδήτως τῆς ἐργασίας Βοηθὸς Στάθης, προσελθὼν εἰς βοηθὸν.

Ὁ κ. Στάθης τέως ὢν κλάδων, ἐκ τῶν ἱκανῶν ὑπαλλήλων, εἶναι ἐκ τῶν ἱκανωτέρων ὑπαλλήλων τῆς ὑπηρεσίας.

AU PRINTEMPS. Ἐκλεκτὴ καὶ πλουσία συλλογὴ φορεμάτων, παλτῶν καὶ καπελλῶν εὑρίσκεται εἰς τὸ Printemps τοῦ Μουστοπούλου, ὁδὸς Ἑρμοῦ 42.

Ὁ Μαιευτὴρ — Γυναικολόγος κ. Κων. Λούρος ἐπανῆλθεν ἐκ Γερμανίας καὶ δέχεται καθ' ἑκάστην 2—3 μ. μ. καὶ 3—5 μ. μ. ὁδὸς Σίνα 22.

Ἠλεκτροθεραπεία εἰς πλουσιωτάτην συλλογὴν παντὸς εἴδους ἠλεκτρικῶν συσκευῶν.

— Ὁ ἰατρὸς κ. Γ. Ἐφημανουὴλ ἐπὶ μακρὸν ἐν Εὐρώπῃ σπουδάσας τὰς ἀσθενείας τῶν νεφρῶν καὶ τῆς οὐροδόχου κύστεως, δέχεται καθ' ἑκάστην ὁδὸς Ἁγίου Κωνσταντίνου 18.

— Νομικὸν Φροντιστήριον Λεωνίδα Π. Κωσταλίδη, ἀριστούχου διδάκτορος τῆς Νομικῆς, δικηγόρου (ἔτος 6ον) ὁδὸς Γζώρτζη ἀρ. 18 (Α) Πλατεῖα Κάνιγγος. Ἐγγραφαὶ καὶ παραδόσεις ἀπὸ 10—12 π. μ. καὶ 3—4 μ. μ.

— Τὸ κατάστημα Ἀνδονοπούλου καὶ Φακοπούλου ὁδὸς Αἰόλου 72 παρέλαβε ἀφθονώτατην συλλογὴν φόρων ἀγγλικῶν καπελλαρίων.

— Τὸ νομικὸν Φροντιστήριον τοῦ δικηγόρου κ. Κλεάνθη Θεοφανοπούλου γνωρίζει τοῖς ἐνδιαφερομένοις ὅτι ἐκ τοῦ 15ου Ὀκτωβρίου ἀρχίζουσι τὰ μαθήματα τῆς ἰδιαιτέρας προγυμνάσεως, πρὸς ἐξετάσεις Δευτέρας 20ῆς τ. μ. ὁδὸς Καποδιστρίου 26.

— Οἱ δικαστικοὶ Νόμοι Φόνου. Ἐν τῷ ὁμότιτλῳ βιβλίῳ τοῦ κ. Ἀνδρεοπούλου, ὅπερ ἐξεδόθη προσεχῶς, συμπεριλαμβάνονται ὅλοι οἱ νόμοι τοῦ Κράτους.

— Ὁ κ. Κωνσταντῖνος Κωστὰκ, ἐπὶ τῆς ἀφίξεως αὐτοῦ ἐκ τῆς Βιέννης, εἰς τὸ ἐπὶ τῆς ὁδοῦ Σταδίου 49 κατάστημα.

— Ὁ ἰατρὸς κ. Κων. Χαβιάτης, ἐπισκεφθεὶς ἐν Παρισίοις τὰς εἰδικὰς Μαιευτικὰς καὶ Παιδιατρικὰς κλινικὰς, ἐγκατέστη ἐνταῦθα καὶ δέχεται καθ' ἑκάστην 27 ὁδὸς Πειραιῶς.

— Ὁ Ἐμπορικὸς Σύλλογος ἐκδίδει ἐπίσημον ἀνακοίνωσιν κατὰ τῶν πωλούντων ἐμπορευμάτων τῶν πορευτῶν.

ΤΑΣΥΦΙΔΙΣΑ νοσήματα

ἀπὸ τὰς πάσας παθήσεις Ἀγγλικὴν τρ. ὁδὸς Παναγ. Χριστοδουλόπουλ. καὶ ἐκ τοῦ ἐπιπόλαιος αὐτοῦ

ΤΑ ΝΟΣΗΜΑΤΑ ΤΩΝ ΓΕΝΝΗΤΙΚΩΝ ΟΡΓΑΝΩΝ

Ἀνικανότης, σπερματόρροια, φλεγμονή, πόνος, ἀναζήτησις, ἐρεθισμοὶ, ἐκκρίσεις.

ΤΑ ΔΕΡΜΑΤΙΚΑ

Ἐκζέματα, λειχῆνες, ἐρυθήματα, ἀκμή.

ΘΕΡΑΠΕΥΕΙ

ὁ εἰδικὸς τῶν νοσημάτων τούτων ἰατρὸς κ.

ΣΠΥΡ. Π. ΚΟΣΤΑΚΗΣ

διά τῶν νεωτέρων καὶ ἀποτελεσματικωτάτων μεθόδων τῶν ἐν ταῖς πάσαις κλινικαῖς Εὐρώπης ἐφαρμοζομένων.

Ἀκρα ἐχεμύθεια, δὲ ἀνταπόκρισις ὅλων τῶν Ἐπαρχιῶν.

Ὧραι ἐπισκέψεως 8—11 π. μ. καὶ 3—7 μ. μ.

21—ὁδὸς Πραξιτέλους—21

ΔΙΑ ΤΑΣ ΚΥΡΙΑΣ

Πλουσία συλλογὴ ἀγγλικῶν καὶ παρισινῶν κεντημάτων εἰς τὸ κατάστημα ὁδὸς Αἰόλου 18.

Ἀποδέχεται τὸν ἐκ τῆς Ἀγγλίας ἀφίξιν αὐτοῦ ἐκ τῆς Ἀθήνας.
